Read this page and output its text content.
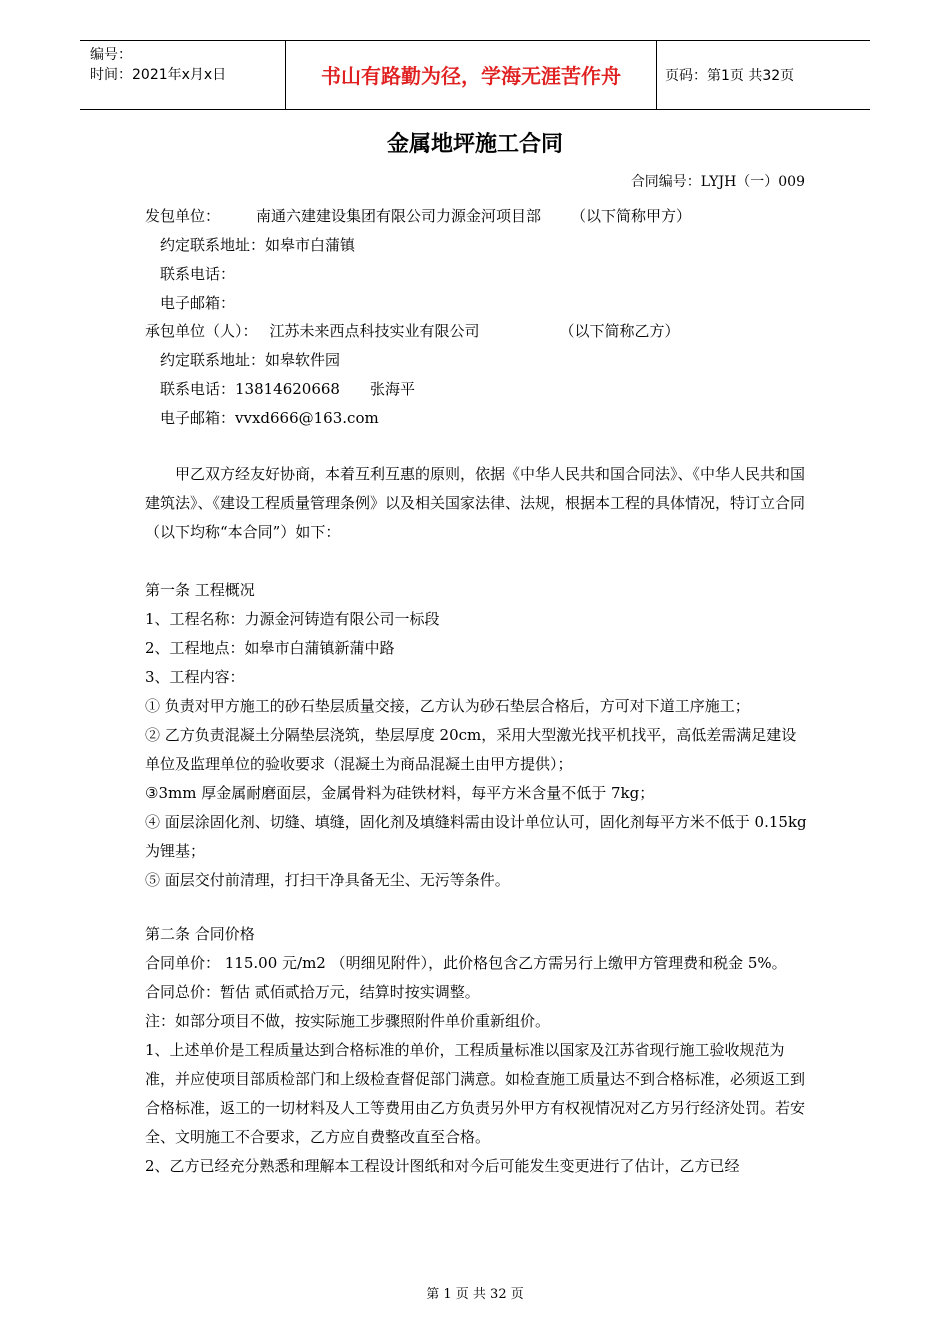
编号：
时间：2021年x月x日	书山有路勤为径，学海无涯苦作舟	页码：第1页 共32页
金属地坪施工合同
合同编号：LYJH（一）009
发包单位： 南通六建建设集团有限公司力源金河项目部 （以下简称甲方）
约定联系地址：如皋市白蒲镇
联系电话：
电子邮箱：
承包单位（人）： 江苏未来西点科技实业有限公司	（以下简称乙方）
约定联系地址：如皋软件园
联系电话：13814620668 张海平
电子邮箱：vvxd666@163.com

甲乙双方经友好协商，本着互利互惠的原则，依据《中华人民共和国合同法》、《中华人民共和国建筑法》、《建设工程质量管理条例》以及相关国家法律、法规，根据本工程的具体情况，特订立合同（以下均称“本合同”）如下：

第一条 工程概况

1、工程名称：力源金河铸造有限公司一标段

2、工程地点：如皋市白蒲镇新蒲中路

3、工程内容：

① 负责对甲方施工的砂石垫层质量交接，乙方认为砂石垫层合格后，方可对下道工序施工；

② 乙方负责混凝土分隔垫层浇筑，垫层厚度 20cm，采用大型激光找平机找平，高低差需满足建设单位及监理单位的验收要求（混凝土为商品混凝土由甲方提供）；

③3mm 厚金属耐磨面层，金属骨料为硅铁材料，每平方米含量不低于 7kg；

④ 面层涂固化剂、切缝、填缝，固化剂及填缝料需由设计单位认可，固化剂每平方米不低于 0.15kg 为锂基；

⑤ 面层交付前清理，打扫干净具备无尘、无污等条件。

第二条 合同价格

合同单价： 115.00 元/m2 （明细见附件），此价格包含乙方需另行上缴甲方管理费和税金 5%。

合同总价：暂估 贰佰贰拾万元，结算时按实调整。

注：如部分项目不做，按实际施工步骤照附件单价重新组价。

1、上述单价是工程质量达到合格标准的单价，工程质量标准以国家及江苏省现行施工验收规范为准，并应使项目部质检部门和上级检查督促部门满意。如检查施工质量达不到合格标准，必须返工到合格标准，返工的一切材料及人工等费用由乙方负责另外甲方有权视情况对乙方另行经济处罚。若安全、文明施工不合要求，乙方应自费整改直至合格。

2、乙方已经充分熟悉和理解本工程设计图纸和对今后可能发生变更进行了估计，乙方已经

第 1 页 共 32 页
